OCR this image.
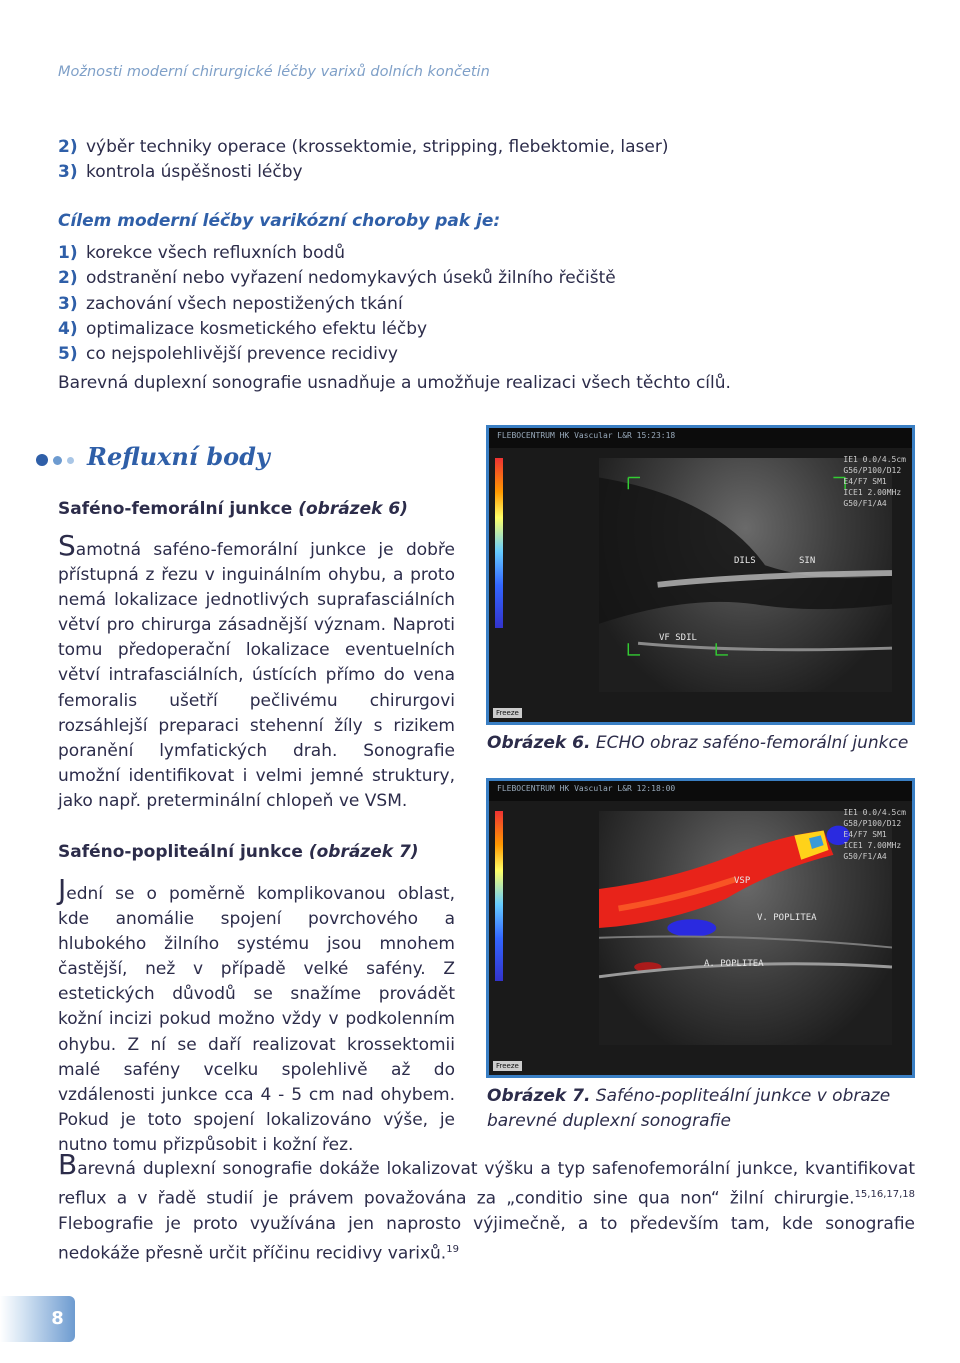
Možnosti moderní chirurgické léčby varixů dolních končetin
2) výběr techniky operace (krossektomie, stripping, flebektomie, laser)
3) kontrola úspěšnosti léčby
Cílem moderní léčby varikózní choroby pak je:
1) korekce všech refluxních bodů
2) odstranění nebo vyřazení nedomykavých úseků žilního řečiště
3) zachování všech nepostižených tkání
4) optimalizace kosmetického efektu léčby
5) co nejspolehlivější prevence recidivy
Barevná duplexní sonografie usnadňuje a umožňuje realizaci všech těchto cílů.
Refluxní body
Saféno-femorální junkce (obrázek 6)
Samotná saféno-femorální junkce je dobře přístupná z řezu v inguinálním ohybu, a proto nemá lokalizace jednotlivých suprafasciálních větví pro chirurga zásadnější význam. Naproti tomu předoperační lokalizace eventuelních větví intrafasciálních, ústících přímo do vena femoralis ušetří pečlivému chirurgovi rozsáhlejší preparaci stehenní žíly s rizikem poranění lymfatických drah. Sonografie umožní identifikovat i velmi jemné struktury, jako např. preterminální chlopeň ve VSM.
Saféno-popliteální junkce (obrázek 7)
Jední se o poměrně komplikovanou oblast, kde anomálie spojení povrchového a hlubokého žilního systému jsou mnohem častější, než v případě velké safény. Z estetických důvodů se snažíme provádět kožní incizi pokud možno vždy v podkolenním ohybu. Z ní se daří realizovat krossektomii malé safény vcelku spolehlivě až do vzdálenosti junkce cca 4 - 5 cm nad ohybem. Pokud je toto spojení lokalizováno výše, je nutno tomu přizpůsobit i kožní řez.
FLEBOCENTRUM HK Vascular L&R 15:23:18
IE1 0.0/4.5cm
G56/P100/D12
E4/F7 SM1
ICE1 2.00MHz
G50/F1/A4
DILS	SIN
VF SDIL
Freeze
Obrázek 6. ECHO obraz saféno-femorální junkce
FLEBOCENTRUM HK Vascular L&R 12:18:00
IE1 0.0/4.5cm
G58/P100/D12
E4/F7 SM1
ICE1 7.00MHz
G50/F1/A4
VSP
V. POPLITEA
A. POPLITEA
Freeze
Obrázek 7. Saféno-popliteální junkce v obraze barevné duplexní sonografie
Barevná duplexní sonografie dokáže lokalizovat výšku a typ safenofemorální junkce, kvantifikovat reflux a v řadě studií je právem považována za „conditio sine qua non“ žilní chirurgie.$^{15,16,17,18}$ Flebografie je proto využívána jen naprosto výjimečně, a to především tam, kde sonografie nedokáže přesně určit příčinu recidivy varixů.$^{19}$
8
